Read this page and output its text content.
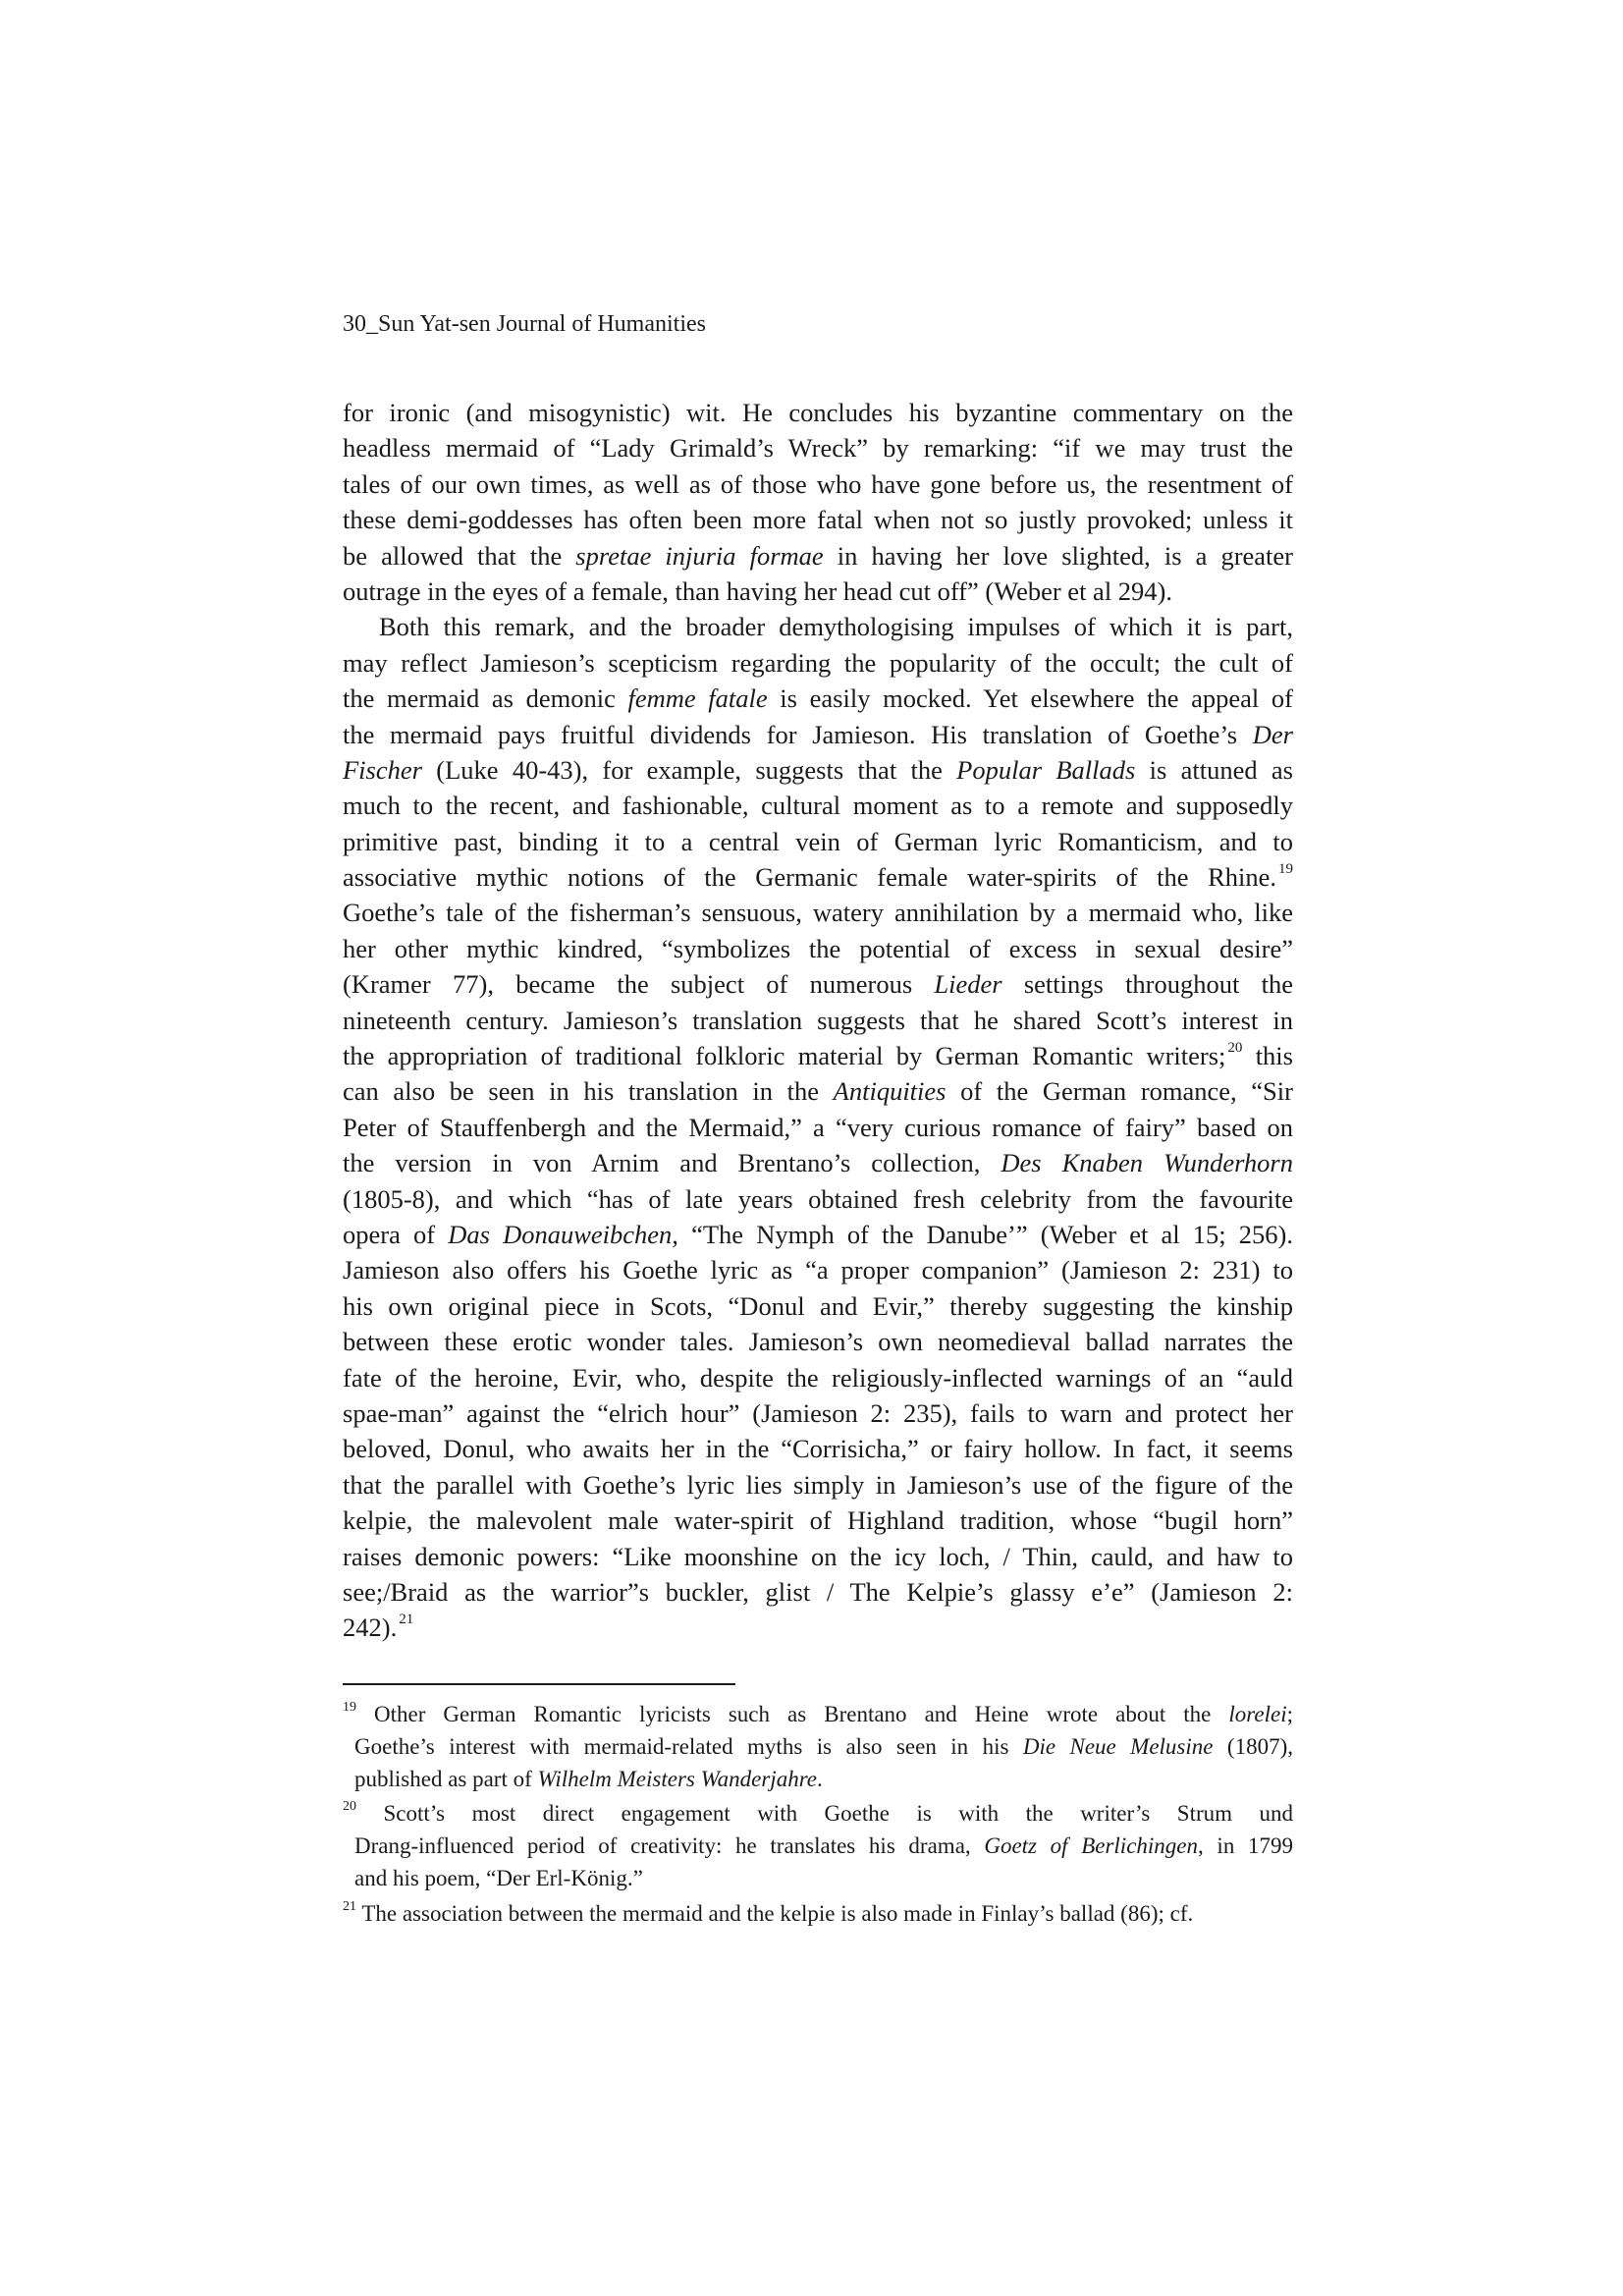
30_Sun Yat-sen Journal of Humanities
for ironic (and misogynistic) wit. He concludes his byzantine commentary on the
headless mermaid of “Lady Grimald’s Wreck” by remarking: “if we may trust the
tales of our own times, as well as of those who have gone before us, the resentment of
these demi-goddesses has often been more fatal when not so justly provoked; unless it
be allowed that the spretae injuria formae in having her love slighted, is a greater
outrage in the eyes of a female, than having her head cut off” (Weber et al 294).
Both this remark, and the broader demythologising impulses of which it is part,
may reflect Jamieson’s scepticism regarding the popularity of the occult; the cult of
the mermaid as demonic femme fatale is easily mocked. Yet elsewhere the appeal of
the mermaid pays fruitful dividends for Jamieson. His translation of Goethe’s Der
Fischer (Luke 40-43), for example, suggests that the Popular Ballads is attuned as
much to the recent, and fashionable, cultural moment as to a remote and supposedly
primitive past, binding it to a central vein of German lyric Romanticism, and to
associative mythic notions of the Germanic female water-spirits of the Rhine. $^{19}$
Goethe’s tale of the fisherman’s sensuous, watery annihilation by a mermaid who, like
her other mythic kindred, “symbolizes the potential of excess in sexual desire”
(Kramer 77), became the subject of numerous Lieder settings throughout the
nineteenth century. Jamieson’s translation suggests that he shared Scott’s interest in
the appropriation of traditional folkloric material by German Romantic writers; $^{20}$ this
can also be seen in his translation in the Antiquities of the German romance, “Sir
Peter of Stauffenbergh and the Mermaid,” a “very curious romance of fairy” based on
the version in von Arnim and Brentano’s collection, Des Knaben Wunderhorn
(1805-8), and which “has of late years obtained fresh celebrity from the favourite
opera of Das Donauweibchen, “The Nymph of the Danube’” (Weber et al 15; 256).
Jamieson also offers his Goethe lyric as “a proper companion” (Jamieson 2: 231) to
his own original piece in Scots, “Donul and Evir,” thereby suggesting the kinship
between these erotic wonder tales. Jamieson’s own neomedieval ballad narrates the
fate of the heroine, Evir, who, despite the religiously-inflected warnings of an “auld
spae-man” against the “elrich hour” (Jamieson 2: 235), fails to warn and protect her
beloved, Donul, who awaits her in the “Corrisicha,” or fairy hollow. In fact, it seems
that the parallel with Goethe’s lyric lies simply in Jamieson’s use of the figure of the
kelpie, the malevolent male water-spirit of Highland tradition, whose “bugil horn”
raises demonic powers: “Like moonshine on the icy loch, / Thin, cauld, and haw to
see;/Braid as the warrior”s buckler, glist / The Kelpie’s glassy e’e” (Jamieson 2:
242). $^{21}$
$^{19}$ Other German Romantic lyricists such as Brentano and Heine wrote about the lorelei;
Goethe’s interest with mermaid-related myths is also seen in his Die Neue Melusine (1807),
published as part of Wilhelm Meisters Wanderjahre.
$^{20}$ Scott’s most direct engagement with Goethe is with the writer’s Strum und
Drang-influenced period of creativity: he translates his drama, Goetz of Berlichingen, in 1799
and his poem, “Der Erl-König.”
$^{21}$ The association between the mermaid and the kelpie is also made in Finlay’s ballad (86); cf.
